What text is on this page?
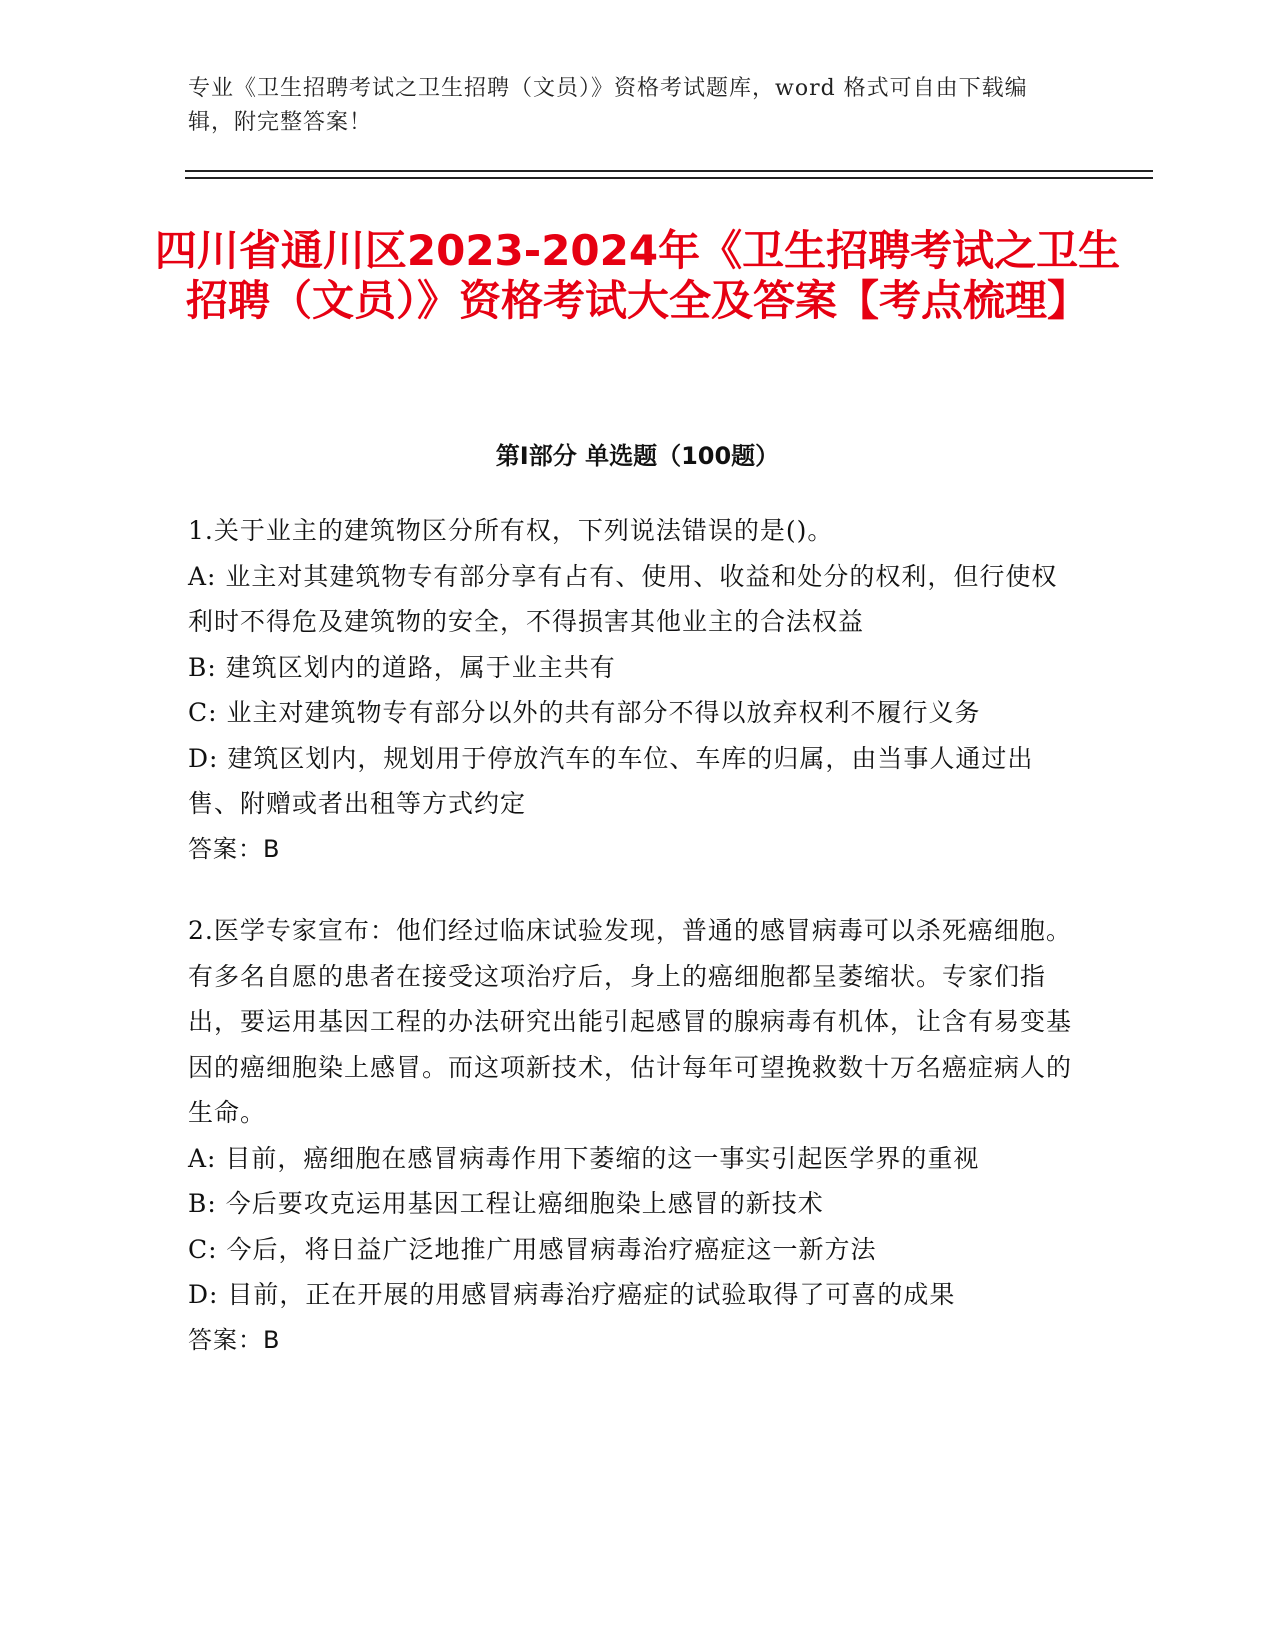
专业《卫生招聘考试之卫生招聘（文员）》资格考试题库，word 格式可自由下载编辑，附完整答案！
四川省通川区2023-2024年《卫生招聘考试之卫生招聘（文员）》资格考试大全及答案【考点梳理】
第Ⅰ部分 单选题（100题）

1.关于业主的建筑物区分所有权，下列说法错误的是()。

A: 业主对其建筑物专有部分享有占有、使用、收益和处分的权利，但行使权利时不得危及建筑物的安全，不得损害其他业主的合法权益

B: 建筑区划内的道路，属于业主共有

C: 业主对建筑物专有部分以外的共有部分不得以放弃权利不履行义务

D: 建筑区划内，规划用于停放汽车的车位、车库的归属，由当事人通过出售、附赠或者出租等方式约定

答案：B

2.医学专家宣布：他们经过临床试验发现，普通的感冒病毒可以杀死癌细胞。有多名自愿的患者在接受这项治疗后，身上的癌细胞都呈萎缩状。专家们指出，要运用基因工程的办法研究出能引起感冒的腺病毒有机体，让含有易变基因的癌细胞染上感冒。而这项新技术，估计每年可望挽救数十万名癌症病人的生命。

A: 目前，癌细胞在感冒病毒作用下萎缩的这一事实引起医学界的重视

B: 今后要攻克运用基因工程让癌细胞染上感冒的新技术

C: 今后，将日益广泛地推广用感冒病毒治疗癌症这一新方法

D: 目前，正在开展的用感冒病毒治疗癌症的试验取得了可喜的成果

答案：B
